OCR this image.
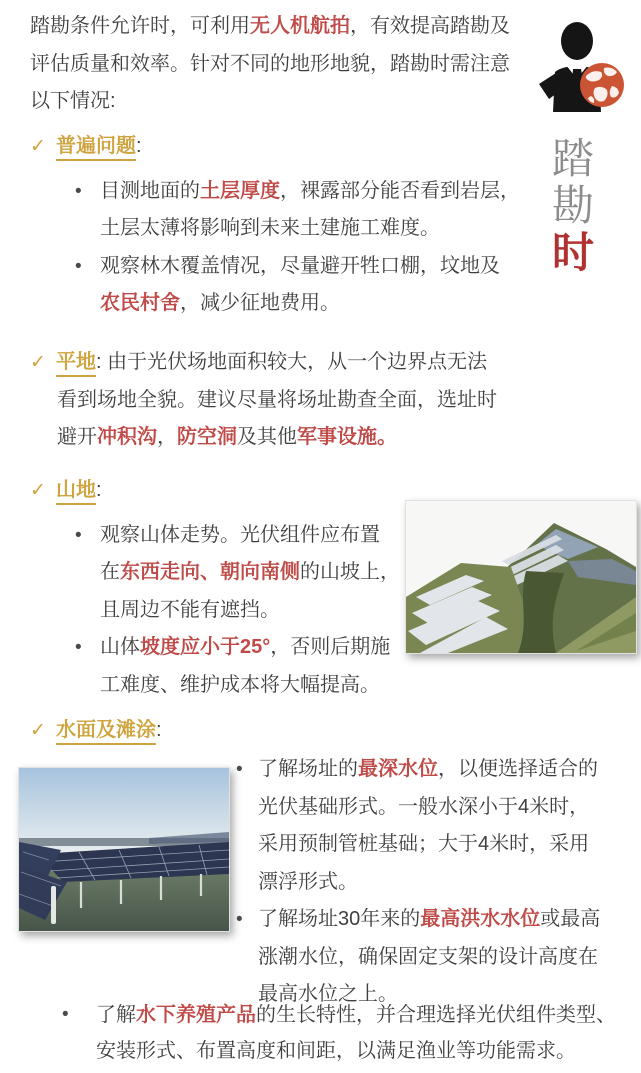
踏勘条件允许时，可利用无人机航拍，有效提高踏勘及
评估质量和效率。针对不同的地形地貌，踏勘时需注意
以下情况:
踏
勘
时
✓ 普遍问题:
• 目测地面的土层厚度，裸露部分能否看到岩层，
土层太薄将影响到未来土建施工难度。
• 观察林木覆盖情况，尽量避开牲口棚，坟地及
农民村舍，减少征地费用。
✓ 平地: 由于光伏场地面积较大，从一个边界点无法
看到场地全貌。建议尽量将场址勘查全面，选址时
避开冲积沟，防空洞及其他军事设施。
✓ 山地:
• 观察山体走势。光伏组件应布置
在东西走向、朝向南侧的山坡上，
且周边不能有遮挡。
• 山体坡度应小于25°，否则后期施
工难度、维护成本将大幅提高。
✓ 水面及滩涂:
• 了解场址的最深水位，以便选择适合的
光伏基础形式。一般水深小于4米时，
采用预制管桩基础；大于4米时，采用
漂浮形式。
• 了解场址30年来的最高洪水水位或最高
涨潮水位，确保固定支架的设计高度在
最高水位之上。
• 了解水下养殖产品的生长特性，并合理选择光伏组件类型、
安装形式、布置高度和间距，以满足渔业等功能需求。
